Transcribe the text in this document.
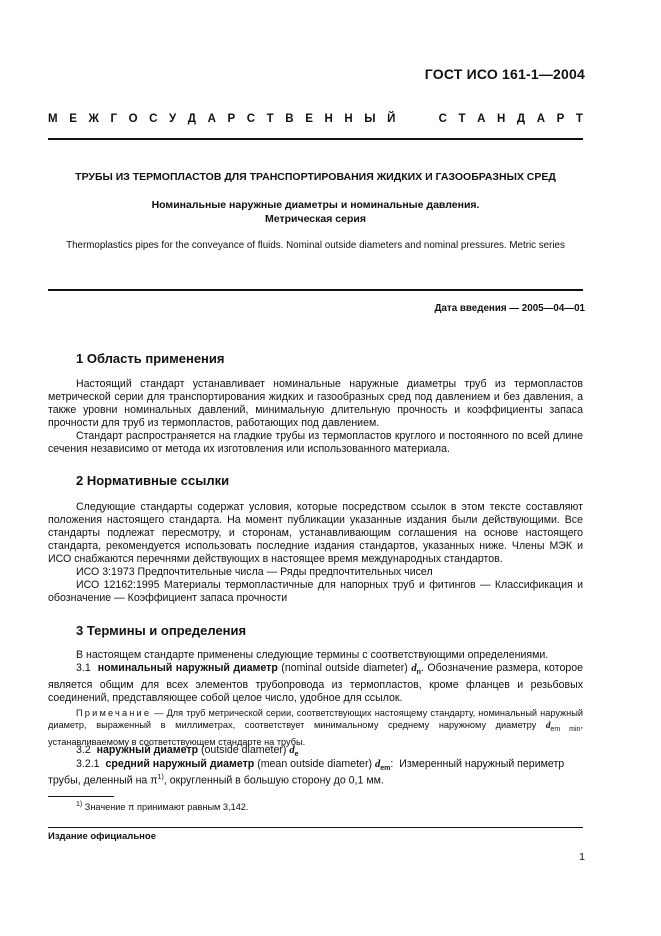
ГОСТ ИСО 161-1—2004
М Е Ж Г О С У Д А Р С Т В Е Н Н Ы Й	С Т А Н Д А Р Т
ТРУБЫ ИЗ ТЕРМОПЛАСТОВ ДЛЯ ТРАНСПОРТИРОВАНИЯ ЖИДКИХ И ГАЗООБРАЗНЫХ СРЕД
Номинальные наружные диаметры и номинальные давления.
Метрическая серия
Thermoplastics pipes for the conveyance of fluids. Nominal outside diameters and nominal pressures. Metric series
Дата введения — 2005—04—01
1 Область применения
Настоящий стандарт устанавливает номинальные наружные диаметры труб из термопластов метрической серии для транспортирования жидких и газообразных сред под давлением и без давления, а также уровни номинальных давлений, минимальную длительную прочность и коэффициенты запаса прочности для труб из термопластов, работающих под давлением.
Стандарт распространяется на гладкие трубы из термопластов круглого и постоянного по всей длине сечения независимо от метода их изготовления или использованного материала.
2 Нормативные ссылки
Следующие стандарты содержат условия, которые посредством ссылок в этом тексте составляют положения настоящего стандарта. На момент публикации указанные издания были действующими. Все стандарты подлежат пересмотру, и сторонам, устанавливающим соглашения на основе настоящего стандарта, рекомендуется использовать последние издания стандартов, указанных ниже. Члены МЭК и ИСО снабжаются перечнями действующих в настоящее время международных стандартов.
ИСО 3:1973 Предпочтительные числа — Ряды предпочтительных чисел
ИСО 12162:1995 Материалы термопластичные для напорных труб и фитингов — Классификация и обозначение — Коэффициент запаса прочности
3 Термины и определения
В настоящем стандарте применены следующие термины с соответствующими определениями.
3.1 номинальный наружный диаметр (nominal outside diameter) $d_n$. Обозначение размера, которое является общим для всех элементов трубопровода из термопластов, кроме фланцев и резьбовых соединений, представляющее собой целое число, удобное для ссылок.
Примечание — Для труб метрической серии, соответствующих настоящему стандарту, номинальный наружный диаметр, выраженный в миллиметрах, соответствует минимальному среднему наружному диаметру $d_{em min}$, устанавливаемому в соответствующем стандарте на трубы.
3.2 наружный диаметр (outside diameter) $d_e$
3.2.1 средний наружный диаметр (mean outside diameter) $d_{em}$:  Измеренный наружный периметр
трубы, деленный на $\pi^{1)}$, округленный в большую сторону до 0,1 мм.
$^{1)}$ Значение π принимают равным 3,142.
Издание официальное
1
